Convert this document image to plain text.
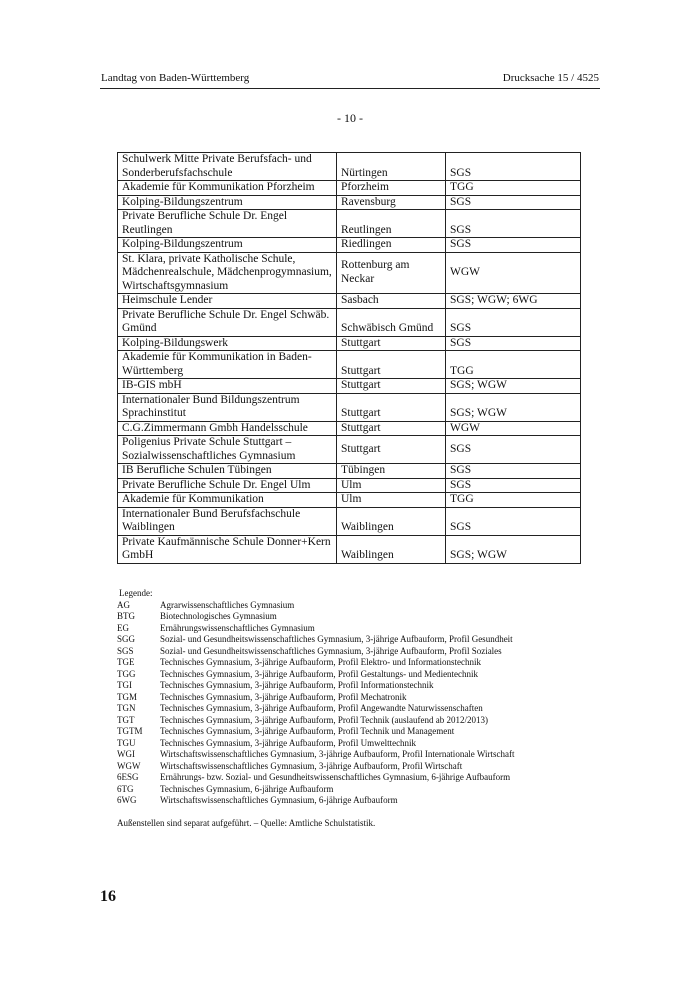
Landtag von Baden-Württemberg	Drucksache 15 / 4525
- 10 -
Schulwerk Mitte Private Berufsfach- und Sonderberufsfachschule	Nürtingen	SGS
Akademie für Kommunikation Pforzheim	Pforzheim	TGG
Kolping-Bildungszentrum	Ravensburg	SGS
Private Berufliche Schule Dr. Engel Reutlingen	Reutlingen	SGS
Kolping-Bildungszentrum	Riedlingen	SGS
St. Klara, private Katholische Schule, Mädchenrealschule, Mädchenprogymnasium, Wirtschaftsgymnasium	Rottenburg am Neckar	WGW
Heimschule Lender	Sasbach	SGS; WGW; 6WG
Private Berufliche Schule Dr. Engel Schwäb. Gmünd	Schwäbisch Gmünd	SGS
Kolping-Bildungswerk	Stuttgart	SGS
Akademie für Kommunikation in Baden-Württemberg	Stuttgart	TGG
IB-GIS mbH	Stuttgart	SGS; WGW
Internationaler Bund Bildungszentrum Sprachinstitut	Stuttgart	SGS; WGW
C.G.Zimmermann Gmbh Handelsschule	Stuttgart	WGW
Poligenius Private Schule Stuttgart – Sozialwissenschaftliches Gymnasium	Stuttgart	SGS
IB Berufliche Schulen Tübingen	Tübingen	SGS
Private Berufliche Schule Dr. Engel Ulm	Ulm	SGS
Akademie für Kommunikation	Ulm	TGG
Internationaler Bund Berufsfachschule Waiblingen	Waiblingen	SGS
Private Kaufmännische Schule Donner+Kern GmbH	Waiblingen	SGS; WGW
Legende:
AG	Agrarwissenschaftliches Gymnasium
BTG	Biotechnologisches Gymnasium
EG	Ernährungswissenschaftliches Gymnasium
SGG	Sozial- und Gesundheitswissenschaftliches Gymnasium, 3-jährige Aufbauform, Profil Gesundheit
SGS	Sozial- und Gesundheitswissenschaftliches Gymnasium, 3-jährige Aufbauform, Profil Soziales
TGE	Technisches Gymnasium, 3-jährige Aufbauform, Profil Elektro- und Informationstechnik
TGG	Technisches Gymnasium, 3-jährige Aufbauform, Profil Gestaltungs- und Medientechnik
TGI	Technisches Gymnasium, 3-jährige Aufbauform, Profil Informationstechnik
TGM	Technisches Gymnasium, 3-jährige Aufbauform, Profil Mechatronik
TGN	Technisches Gymnasium, 3-jährige Aufbauform, Profil Angewandte Naturwissenschaften
TGT	Technisches Gymnasium, 3-jährige Aufbauform, Profil Technik (auslaufend ab 2012/2013)
TGTM	Technisches Gymnasium, 3-jährige Aufbauform, Profil Technik und Management
TGU	Technisches Gymnasium, 3-jährige Aufbauform, Profil Umwelttechnik
WGI	Wirtschaftswissenschaftliches Gymnasium, 3-jährige Aufbauform, Profil Internationale Wirtschaft
WGW	Wirtschaftswissenschaftliches Gymnasium, 3-jährige Aufbauform, Profil Wirtschaft
6ESG	Ernährungs- bzw. Sozial- und Gesundheitswissenschaftliches Gymnasium, 6-jährige Aufbauform
6TG	Technisches Gymnasium, 6-jährige Aufbauform
6WG	Wirtschaftswissenschaftliches Gymnasium, 6-jährige Aufbauform
Außenstellen sind separat aufgeführt. – Quelle: Amtliche Schulstatistik.
16
